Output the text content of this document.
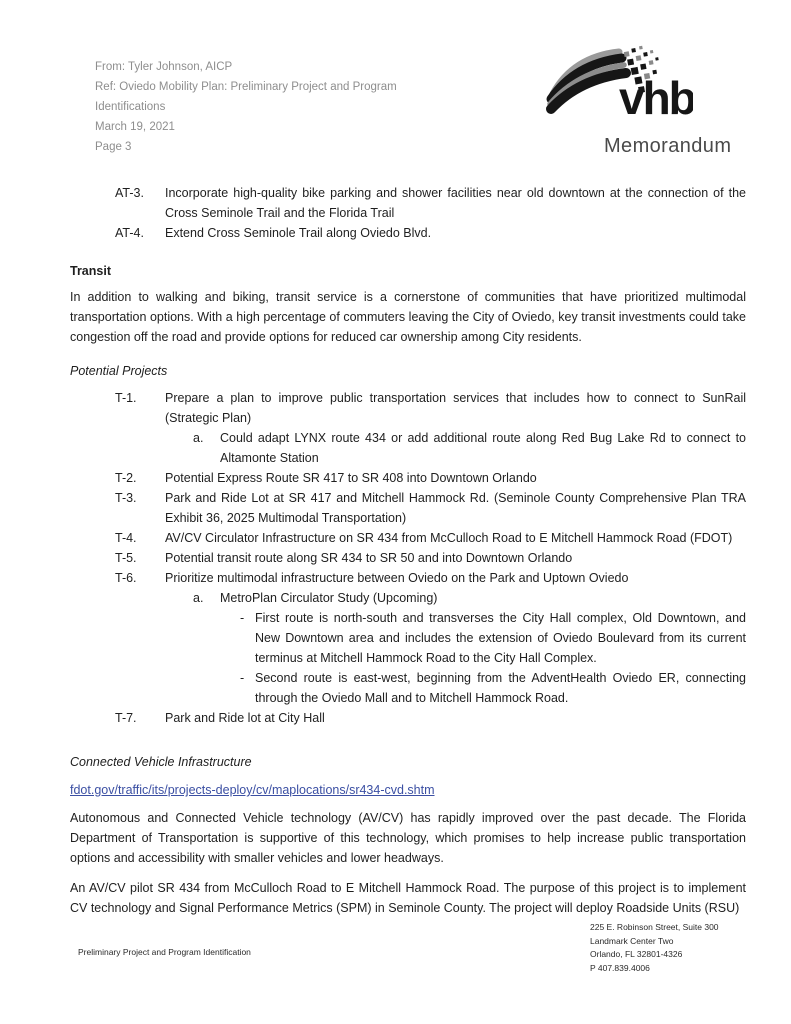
From: Tyler Johnson, AICP
Ref: Oviedo Mobility Plan: Preliminary Project and Program Identifications
March 19, 2021
Page 3
vhb
Memorandum
AT-3.	Incorporate high-quality bike parking and shower facilities near old downtown at the connection of the Cross Seminole Trail and the Florida Trail
AT-4.	Extend Cross Seminole Trail along Oviedo Blvd.
Transit
In addition to walking and biking, transit service is a cornerstone of communities that have prioritized multimodal transportation options. With a high percentage of commuters leaving the City of Oviedo, key transit investments could take congestion off the road and provide options for reduced car ownership among City residents.
Potential Projects
T-1.	Prepare a plan to improve public transportation services that includes how to connect to SunRail (Strategic Plan)
a.	Could adapt LYNX route 434 or add additional route along Red Bug Lake Rd to connect to Altamonte Station
T-2.	Potential Express Route SR 417 to SR 408 into Downtown Orlando
T-3.	Park and Ride Lot at SR 417 and Mitchell Hammock Rd. (Seminole County Comprehensive Plan TRA Exhibit 36, 2025 Multimodal Transportation)
T-4.	AV/CV Circulator Infrastructure on SR 434 from McCulloch Road to E Mitchell Hammock Road (FDOT)
T-5.	Potential transit route along SR 434 to SR 50 and into Downtown Orlando
T-6.	Prioritize multimodal infrastructure between Oviedo on the Park and Uptown Oviedo
a.	MetroPlan Circulator Study (Upcoming)
- First route is north-south and transverses the City Hall complex, Old Downtown, and New Downtown area and includes the extension of Oviedo Boulevard from its current terminus at Mitchell Hammock Road to the City Hall Complex.
- Second route is east-west, beginning from the AdventHealth Oviedo ER, connecting through the Oviedo Mall and to Mitchell Hammock Road.
T-7.	Park and Ride lot at City Hall
Connected Vehicle Infrastructure
fdot.gov/traffic/its/projects-deploy/cv/maplocations/sr434-cvd.shtm
Autonomous and Connected Vehicle technology (AV/CV) has rapidly improved over the past decade. The Florida Department of Transportation is supportive of this technology, which promises to help increase public transportation options and accessibility with smaller vehicles and lower headways.
An AV/CV pilot SR 434 from McCulloch Road to E Mitchell Hammock Road. The purpose of this project is to implement CV technology and Signal Performance Metrics (SPM) in Seminole County. The project will deploy Roadside Units (RSU)
Preliminary Project and Program Identification
225 E. Robinson Street, Suite 300
Landmark Center Two
Orlando, FL 32801-4326
P 407.839.4006
